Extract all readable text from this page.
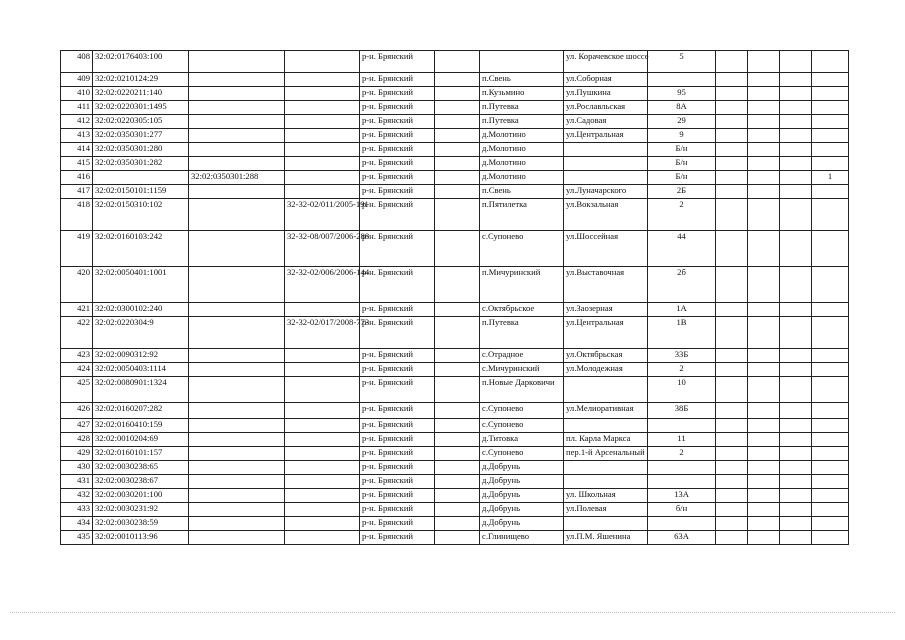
408	32:02:0176403:100			р-н. Брянский			ул. Корачевское шоссе	5				
409	32:02:0210124:29			р-н. Брянский		п.Свень	ул.Соборная					
410	32:02:0220211:140			р-н. Брянский		п.Кузьмино	ул.Пушкина	95				
411	32:02:0220301:1495			р-н. Брянский		п.Путевка	ул.Рославльская	8А				
412	32:02:0220305:105			р-н. Брянский		п.Путевка	ул.Садовая	29				
413	32:02:0350301:277			р-н. Брянский		д.Молотино	ул.Центральная	9				
414	32:02:0350301:280			р-н. Брянский		д.Молотино		Б/н				
415	32:02:0350301:282			р-н. Брянский		д.Молотино		Б/н				
416		32:02:0350301:288		р-н. Брянский		д.Молотино		Б/н				1
417	32:02:0150101:1159			р-н. Брянский		п.Свень	ул.Луначарского	2Б				
418	32:02:0150310:102		32-32-02/011/2005-191	р-н. Брянский		п.Пятилетка	ул.Вокзальная	2				
419	32:02:0160103:242		32-32-08/007/2006-288	р-н. Брянский		с.Супонево	ул.Шоссейная	44				
420	32:02:0050401:1001		32-32-02/006/2006-144	р-н. Брянский		п.Мичуринский	ул.Выставочная	2б				
421	32:02:0300102:240			р-н. Брянский		с.Октябрьское	ул.Заозерная	1А				
422	32:02:0220304:9		32-32-02/017/2008-773	р-н. Брянский		п.Путевка	ул.Центральная	1В				
423	32:02:0090312:92			р-н. Брянский		с.Отрадное	ул.Октябрьская	33Б				
424	32:02:0050403:1114			р-н. Брянский		с.Мичуринский	ул.Молодежная	2				
425	32:02:0080901:1324			р-н. Брянский		п.Новые Дарковичи		10				
426	32:02:0160207:282			р-н. Брянский		с.Супонево	ул.Мелиоративная	38Б				
427	32:02:0160410:159			р-н. Брянский		с.Супонево						
428	32:02:0010204:69			р-н. Брянский		д.Титовка	пл. Карла Маркса	11				
429	32:02:0160101:157			р-н. Брянский		с.Супонево	пер.1-й Арсенальный	2				
430	32:02:0030238:65			р-н. Брянский		д.Добрунь						
431	32:02:0030238:67			р-н. Брянский		д.Добрунь						
432	32:02:0030201:100			р-н. Брянский		д.Добрунь	ул. Школьная	13А				
433	32:02:0030231:92			р-н. Брянский		д.Добрунь	ул.Полевая	б/н				
434	32:02:0030238:59			р-н. Брянский		д.Добрунь						
435	32:02:0010113:96			р-н. Брянский		с.Глинищево	ул.П.М. Яшенина	63А				
